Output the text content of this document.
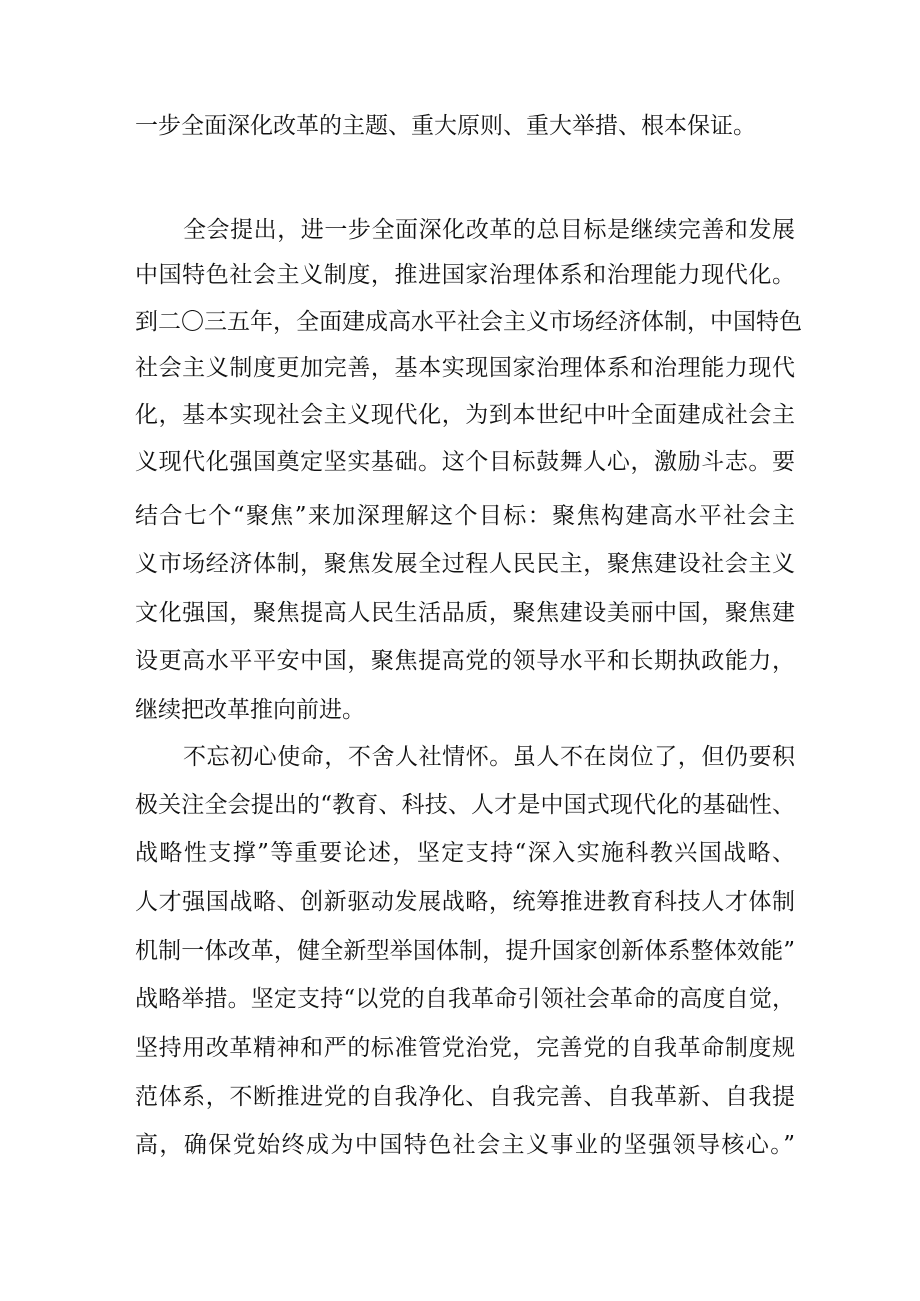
一步全面深化改革的主题、重大原则、重大举措、根本保证。
全会提出，进一步全面深化改革的总目标是继续完善和发展
中国特色社会主义制度，推进国家治理体系和治理能力现代化。
到二〇三五年，全面建成高水平社会主义市场经济体制，中国特色
社会主义制度更加完善，基本实现国家治理体系和治理能力现代
化，基本实现社会主义现代化，为到本世纪中叶全面建成社会主
义现代化强国奠定坚实基础。这个目标鼓舞人心，激励斗志。要
结合七个“聚焦”来加深理解这个目标：聚焦构建高水平社会主
义市场经济体制，聚焦发展全过程人民民主，聚焦建设社会主义
文化强国，聚焦提高人民生活品质，聚焦建设美丽中国，聚焦建
设更高水平平安中国，聚焦提高党的领导水平和长期执政能力，
继续把改革推向前进。
不忘初心使命，不舍人社情怀。虽人不在岗位了，但仍要积
极关注全会提出的“教育、科技、人才是中国式现代化的基础性、
战略性支撑”等重要论述，坚定支持“深入实施科教兴国战略、
人才强国战略、创新驱动发展战略，统筹推进教育科技人才体制
机制一体改革，健全新型举国体制，提升国家创新体系整体效能”
战略举措。坚定支持“以党的自我革命引领社会革命的高度自觉，
坚持用改革精神和严的标准管党治党，完善党的自我革命制度规
范体系，不断推进党的自我净化、自我完善、自我革新、自我提
高，确保党始终成为中国特色社会主义事业的坚强领导核心。”
